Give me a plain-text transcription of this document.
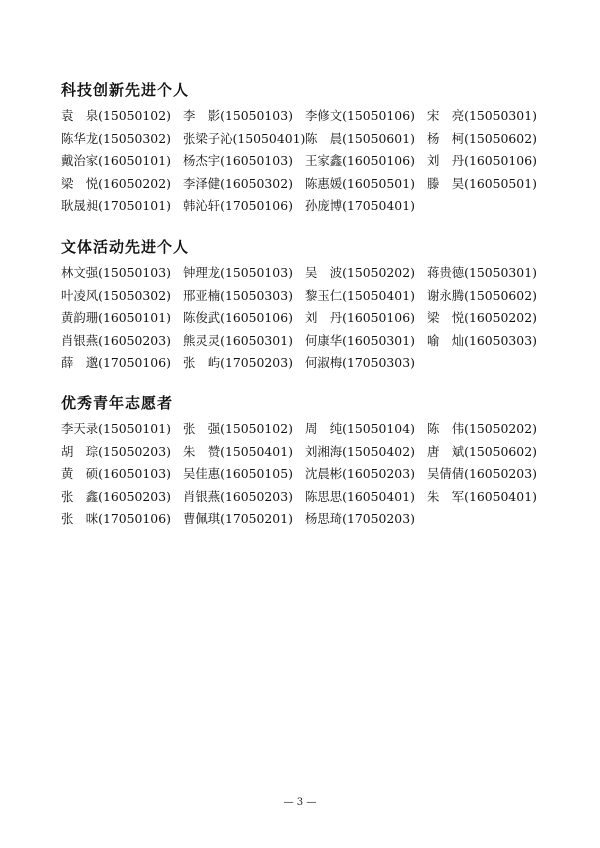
科技创新先进个人
袁　泉(15050102) 李　影(15050103) 李修文(15050106) 宋　亮(15050301)
陈华龙(15050302) 张梁子沁(15050401) 陈　晨(15050601) 杨　柯(15050602)
戴治家(16050101) 杨杰宇(16050103) 王家鑫(16050106) 刘　丹(16050106)
梁　悦(16050202) 李泽健(16050302) 陈惠媛(16050501) 滕　昊(16050501)
耿晟昶(17050101) 韩沁轩(17050106) 孙庞博(17050401)
文体活动先进个人
林文强(15050103) 钟理龙(15050103) 吴　波(15050202) 蒋贵德(15050301)
叶凌风(15050302) 邢亚楠(15050303) 黎玉仁(15050401) 谢永腾(15050602)
黄韵珊(16050101) 陈俊武(16050106) 刘　丹(16050106) 梁　悦(16050202)
肖银燕(16050203) 熊灵灵(16050301) 何康华(16050301) 喻　灿(16050303)
薛　邈(17050106) 张　屿(17050203) 何淑梅(17050303)
优秀青年志愿者
李天录(15050101) 张　强(15050102) 周　纯(15050104) 陈　伟(15050202)
胡　琮(15050203) 朱　赞(15050401) 刘湘海(15050402) 唐　斌(15050602)
黄　硕(16050103) 吴佳惠(16050105) 沈晨彬(16050203) 吴倩倩(16050203)
张　鑫(16050203) 肖银燕(16050203) 陈思思(16050401) 朱　军(16050401)
张　咪(17050106) 曹佩琪(17050201) 杨思琦(17050203)
— 3 —
